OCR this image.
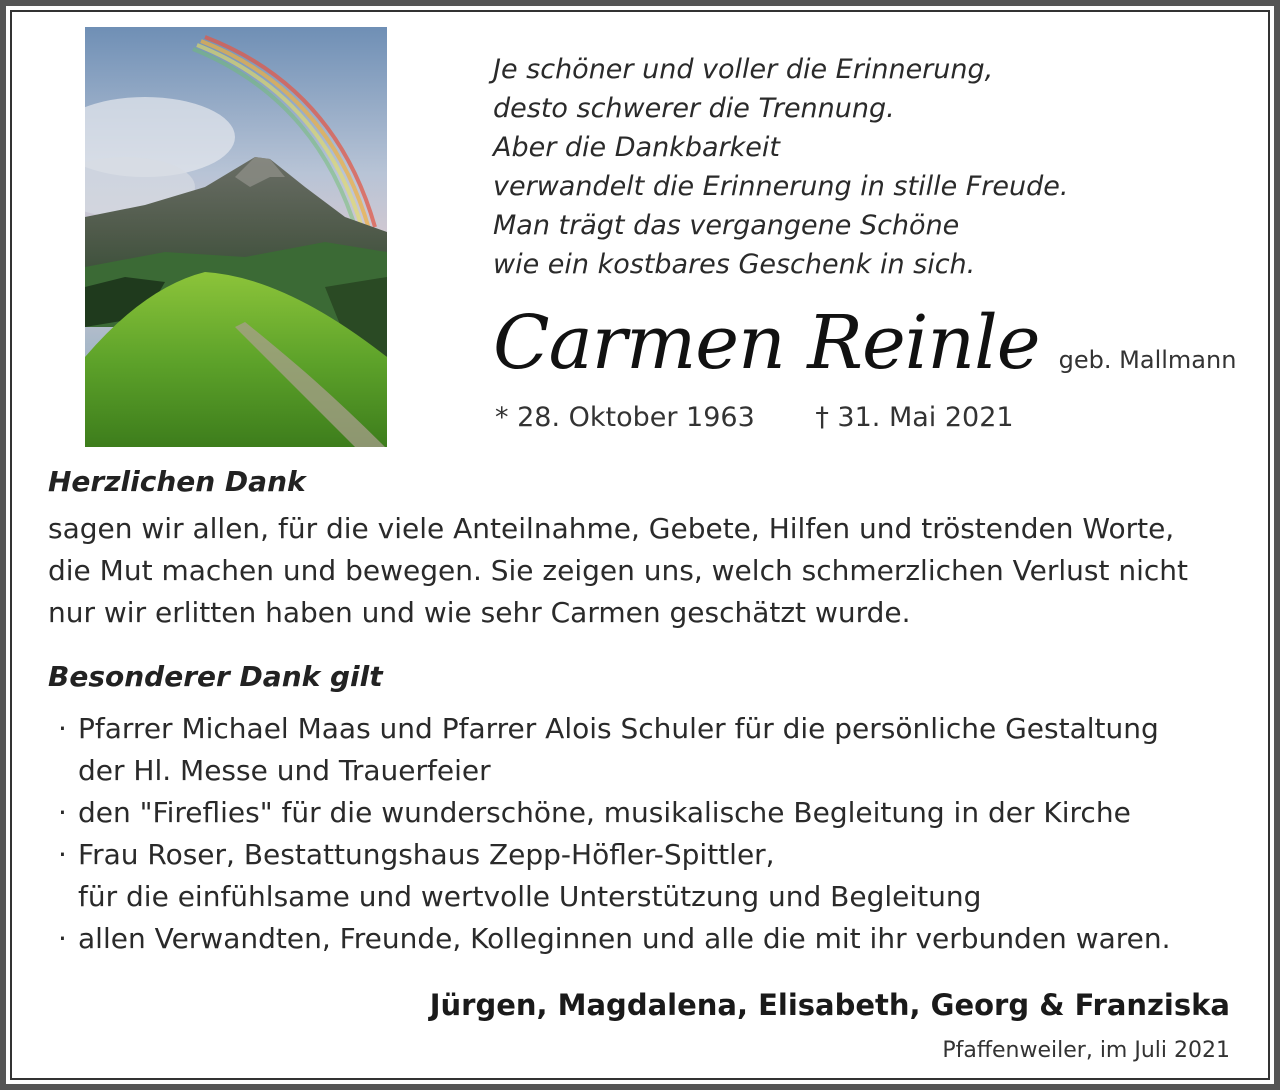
Je schöner und voller die Erinnerung,
desto schwerer die Trennung.
Aber die Dankbarkeit
verwandelt die Erinnerung in stille Freude.
Man trägt das vergangene Schöne
wie ein kostbares Geschenk in sich.
Carmen Reinle geb. Mallmann
* 28. Oktober 1963 † 31. Mai 2021
Herzlichen Dank
sagen wir allen, für die viele Anteilnahme, Gebete, Hilfen und tröstenden Worte,
die Mut machen und bewegen. Sie zeigen uns, welch schmerzlichen Verlust nicht
nur wir erlitten haben und wie sehr Carmen geschätzt wurde.
Besonderer Dank gilt
· Pfarrer Michael Maas und Pfarrer Alois Schuler für die persönliche Gestaltung
der Hl. Messe und Trauerfeier
· den "Fireflies" für die wunderschöne, musikalische Begleitung in der Kirche
· Frau Roser, Bestattungshaus Zepp-Höfler-Spittler,
für die einfühlsame und wertvolle Unterstützung und Begleitung
· allen Verwandten, Freunde, Kolleginnen und alle die mit ihr verbunden waren.
Jürgen, Magdalena, Elisabeth, Georg & Franziska
Pfaffenweiler, im Juli 2021
